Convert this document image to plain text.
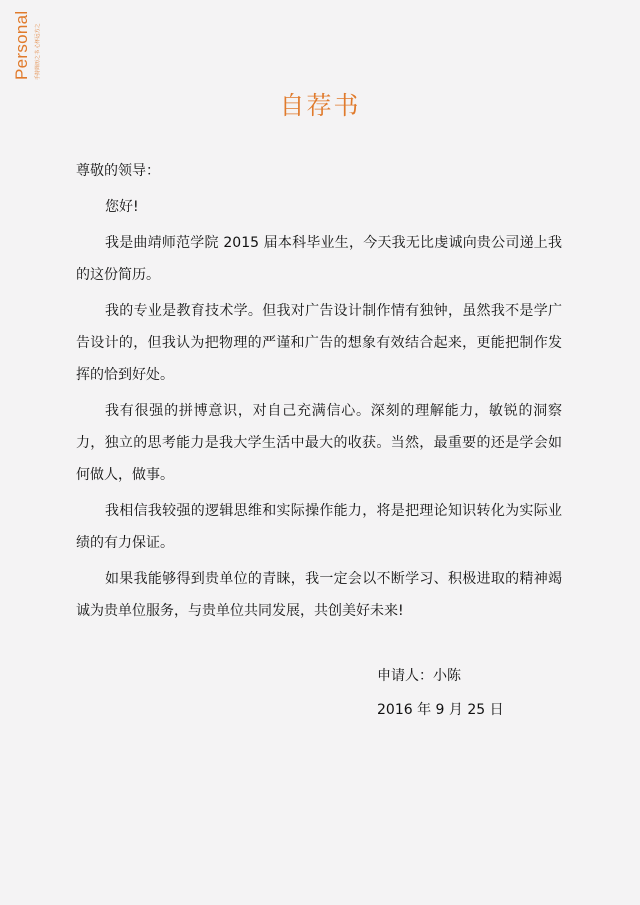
Personal 手持简历之书 心怀远方之
自荐书
尊敬的领导：

您好!

我是曲靖师范学院 2015 届本科毕业生，今天我无比虔诚向贵公司递上我的这份简历。

我的专业是教育技术学。但我对广告设计制作情有独钟，虽然我不是学广告设计的，但我认为把物理的严谨和广告的想象有效结合起来，更能把制作发挥的恰到好处。

我有很强的拼博意识，对自己充满信心。深刻的理解能力，敏锐的洞察力，独立的思考能力是我大学生活中最大的收获。当然，最重要的还是学会如何做人，做事。

我相信我较强的逻辑思维和实际操作能力，将是把理论知识转化为实际业绩的有力保证。

如果我能够得到贵单位的青睐，我一定会以不断学习、积极进取的精神竭诚为贵单位服务，与贵单位共同发展，共创美好未来!

申请人：小陈
2016 年 9 月 25 日
